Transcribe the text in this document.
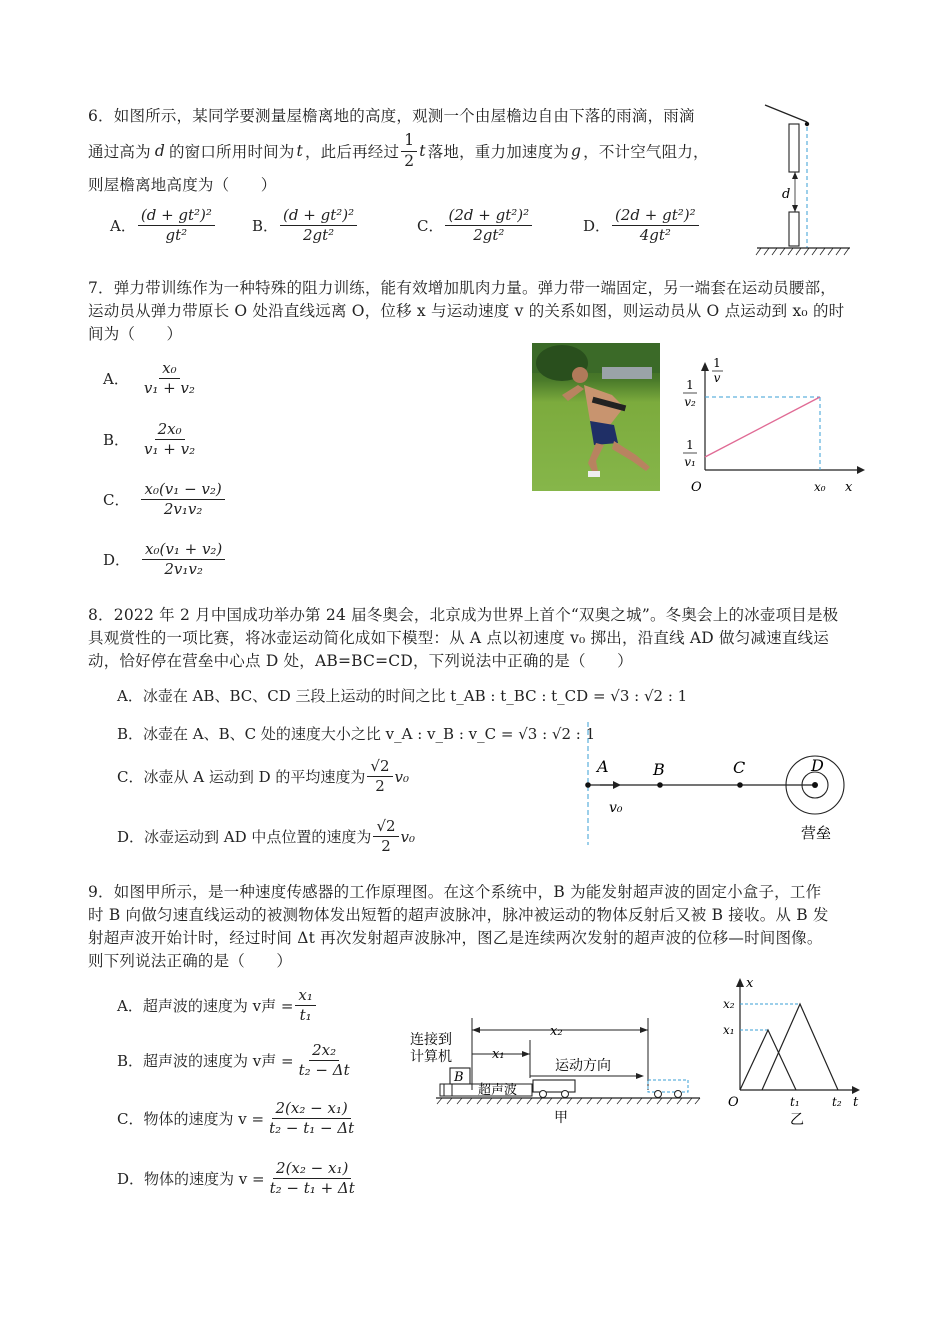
6．如图所示，某同学要测量屋檐离地的高度，观测一个由屋檐边自由下落的雨滴，雨滴
通过高为 d 的窗口所用时间为 t ，此后再经过 $\frac{1}{2}$ t 落地，重力加速度为 g ，不计空气阻力，
则屋檐离地高度为（　　）
A． $\frac{\text{(d + gt²)²}}{\text{gt²}}$ B． $\frac{\text{(d + gt²)²}}{\text{2gt²}}$	C． $\frac{\text{(2d + gt²)²}}{\text{2gt²}}$	D． $\frac{\text{(2d + gt²)²}}{\text{4gt²}}$
d
7．弹力带训练作为一种特殊的阻力训练，能有效增加肌肉力量。弹力带一端固定，另一端套在运动员腰部，
运动员从弹力带原长 O 处沿直线远离 O，位移 x 与运动速度 v 的关系如图，则运动员从 O 点运动到 x₀ 的时
间为（　　）
A． $\frac{\text{x₀}}{\text{v₁ + v₂}}$
B． $\frac{\text{2x₀}}{\text{v₁ + v₂}}$
C． $\frac{\text{x₀(v₁ − v₂)}}{\text{2v₁v₂}}$
D． $\frac{\text{x₀(v₁ + v₂)}}{\text{2v₁v₂}}$
1
v
1
v₂
1
v₁
O	x₀ x
8．2022 年 2 月中国成功举办第 24 届冬奥会，北京成为世界上首个“双奥之城”。冬奥会上的冰壶项目是极
具观赏性的一项比赛，将冰壶运动简化成如下模型：从 A 点以初速度 v₀ 掷出，沿直线 AD 做匀减速直线运
动，恰好停在营垒中心点 D 处，AB=BC=CD，下列说法中正确的是（　　）
A．冰壶在 AB、BC、CD 三段上运动的时间之比 t_AB : t_BC : t_CD = √3 : √2 : 1
B．冰壶在 A、B、C 处的速度大小之比 v_A : v_B : v_C = √3 : √2 : 1
C．冰壶从 A 运动到 D 的平均速度为 $\frac{√2}{2} v_0$
D．冰壶运动到 AD 中点位置的速度为 $\frac{√2}{2} v_0$
A	B	C	D
v₀
营垒
9．如图甲所示，是一种速度传感器的工作原理图。在这个系统中，B 为能发射超声波的固定小盒子，工作
时 B 向做匀速直线运动的被测物体发出短暂的超声波脉冲，脉冲被运动的物体反射后又被 B 接收。从 B 发
射超声波开始计时，经过时间 Δt 再次发射超声波脉冲，图乙是连续两次发射的超声波的位移—时间图像。
则下列说法正确的是（　　）
A．超声波的速度为 v声 = $\frac{\text{x₁}}{\text{t₁}}$
B．超声波的速度为 v声 = $\frac{\text{2x₂}}{\text{t₂ − Δt}}$
C．物体的速度为 $v = \frac{\text{2(x₂ − x₁)}}{\text{t₂ − t₁ − Δt}}$
D．物体的速度为 $v = \frac{\text{2(x₂ − x₁)}}{\text{t₂ − t₁ + Δt}}$
连接到
计算机
x₂
x₁
运动方向
B
超声波
甲
x
x₂
x₁
O	t₁	t₂ t
乙
